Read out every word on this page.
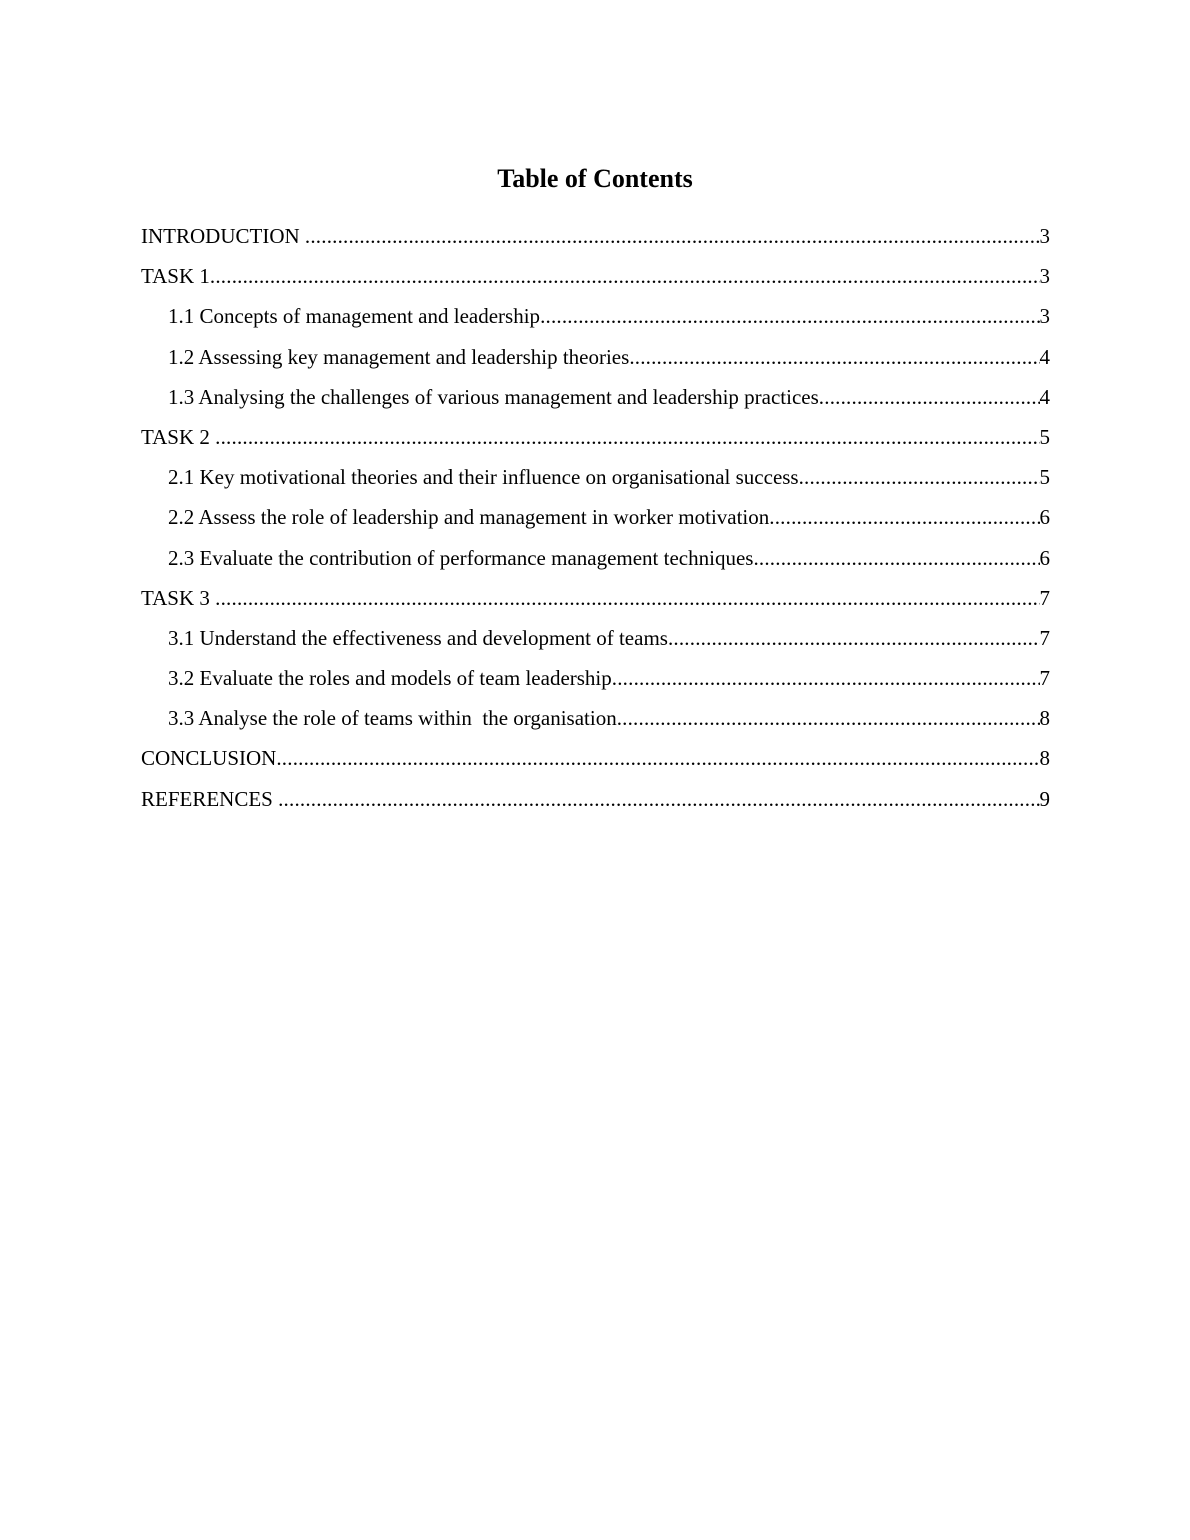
Table of Contents
INTRODUCTION .....	3
TASK 1 .....	3
1.1 Concepts of management and leadership .....	3
1.2 Assessing key management and leadership theories .....	4
1.3 Analysing the challenges of various management and leadership practices .....	4
TASK 2 .....	5
2.1 Key motivational theories and their influence on organisational success .....	5
2.2 Assess the role of leadership and management in worker motivation .....	6
2.3 Evaluate the contribution of performance management techniques .....	6
TASK 3 .....	7
3.1 Understand the effectiveness and development of teams .....	7
3.2 Evaluate the roles and models of team leadership .....	7
3.3 Analyse the role of teams within  the organisation .....	8
CONCLUSION .....	8
REFERENCES .....	9
